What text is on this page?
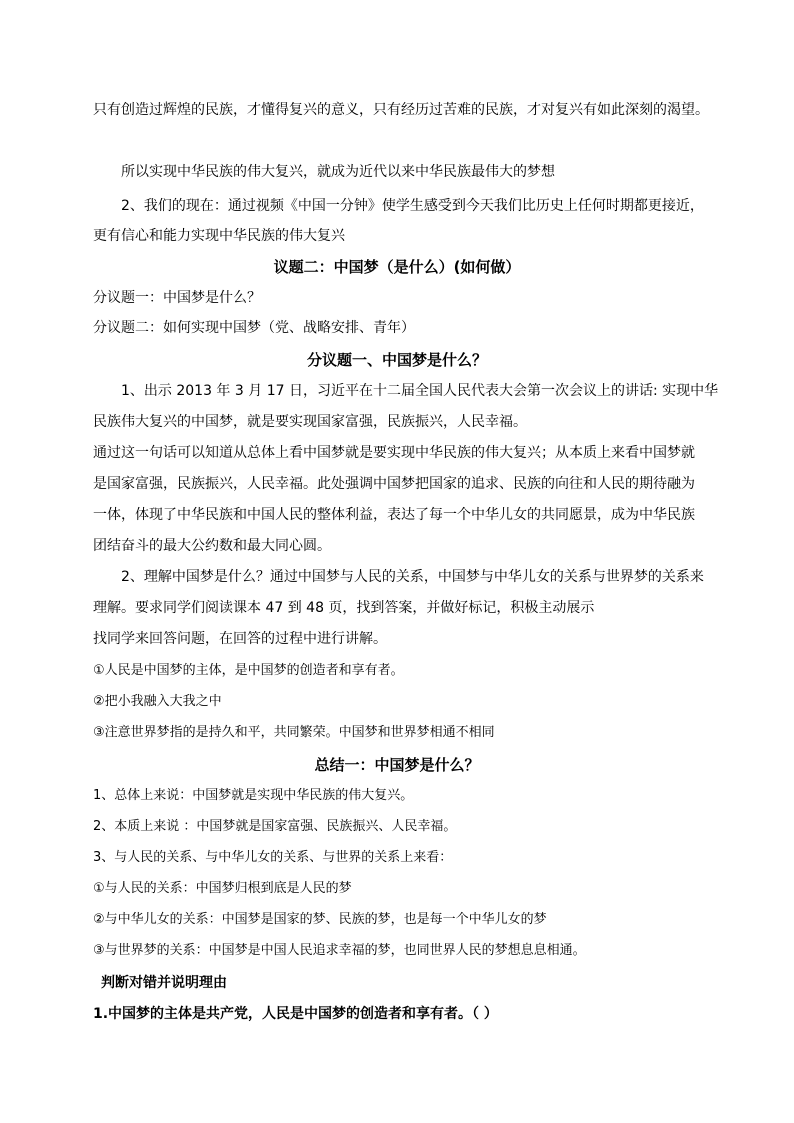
只有创造过辉煌的民族，才懂得复兴的意义，只有经历过苦难的民族，才对复兴有如此深刻的渴望。
所以实现中华民族的伟大复兴，就成为近代以来中华民族最伟大的梦想
2、我们的现在：通过视频《中国一分钟》使学生感受到今天我们比历史上任何时期都更接近，
更有信心和能力实现中华民族的伟大复兴
议题二：中国梦（是什么）(如何做）
分议题一：中国梦是什么？
分议题二：如何实现中国梦（党、战略安排、青年）
分议题一、中国梦是什么？
1、出示 2013 年 3 月 17 日，习近平在十二届全国人民代表大会第一次会议上的讲话: 实现中华
民族伟大复兴的中国梦，就是要实现国家富强，民族振兴，人民幸福。
通过这一句话可以知道从总体上看中国梦就是要实现中华民族的伟大复兴；从本质上来看中国梦就
是国家富强，民族振兴，人民幸福。此处强调中国梦把国家的追求、民族的向往和人民的期待融为
一体，体现了中华民族和中国人民的整体利益，表达了每一个中华儿女的共同愿景，成为中华民族
团结奋斗的最大公约数和最大同心圆。
2、理解中国梦是什么？通过中国梦与人民的关系，中国梦与中华儿女的关系与世界梦的关系来
理解。要求同学们阅读课本 47 到 48 页，找到答案，并做好标记，积极主动展示
找同学来回答问题，在回答的过程中进行讲解。
①人民是中国梦的主体，是中国梦的创造者和享有者。
②把小我融入大我之中
③注意世界梦指的是持久和平，共同繁荣。中国梦和世界梦相通不相同
总结一：中国梦是什么？
1、总体上来说：中国梦就是实现中华民族的伟大复兴。
2、本质上来说 ：中国梦就是国家富强、民族振兴、人民幸福。
3、与人民的关系、与中华儿女的关系、与世界的关系上来看：
①与人民的关系：中国梦归根到底是人民的梦
②与中华儿女的关系：中国梦是国家的梦、民族的梦，也是每一个中华儿女的梦
③与世界梦的关系：中国梦是中国人民追求幸福的梦，也同世界人民的梦想息息相通。
判断对错并说明理由
1.中国梦的主体是共产党，人民是中国梦的创造者和享有者。（ ）
